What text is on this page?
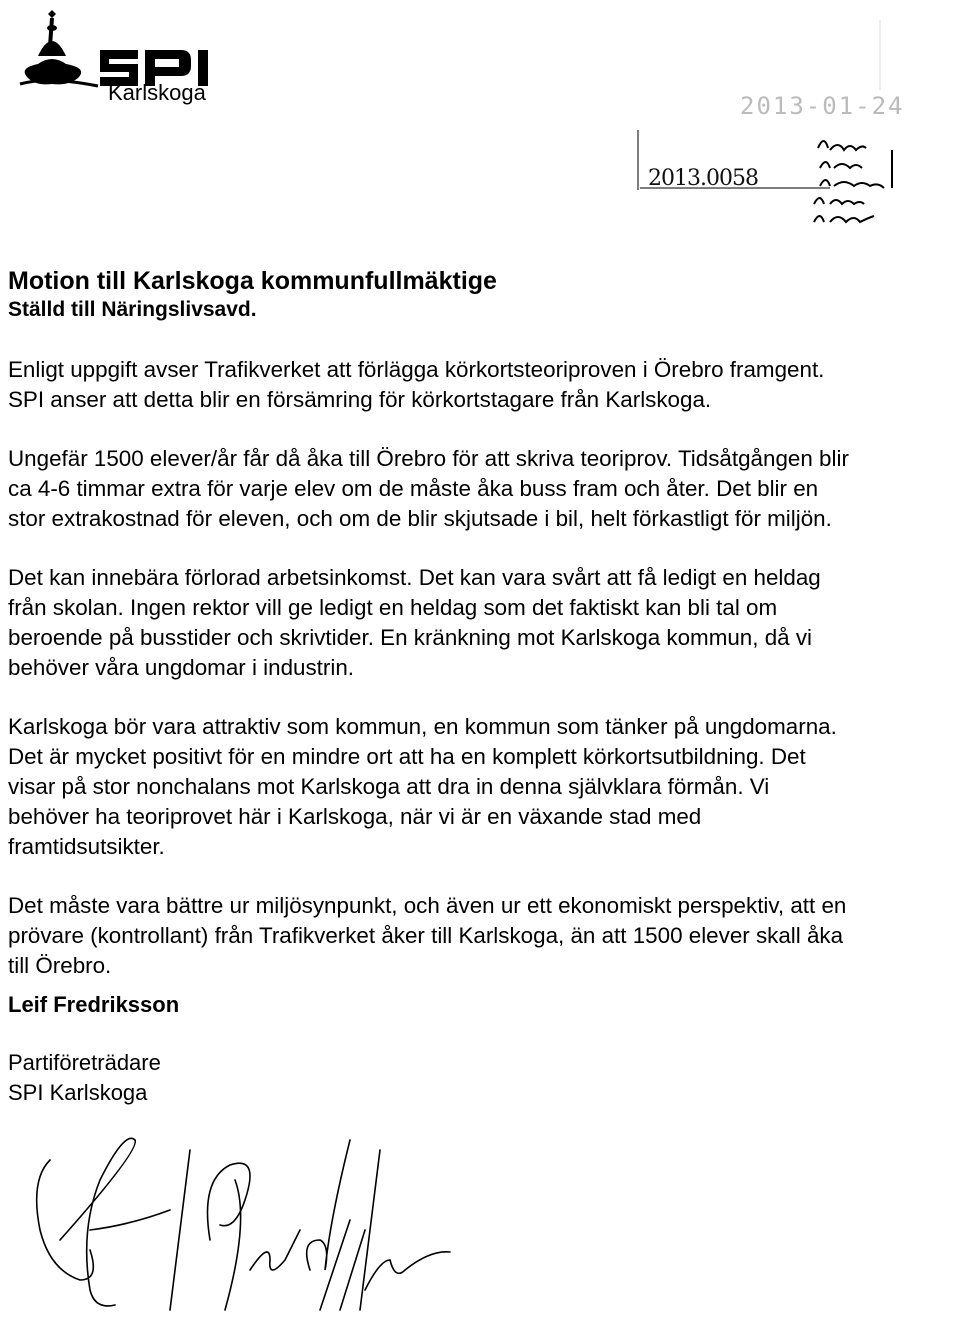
Karlskoga	2013-01-24
2013.0058
Motion till Karlskoga kommunfullmäktige
Ställd till Näringslivsavd.

Enligt uppgift avser Trafikverket att förlägga körkortsteoriproven i Örebro framgent.
SPI anser att detta blir en försämring för körkortstagare från Karlskoga.

Ungefär 1500 elever/år får då åka till Örebro för att skriva teoriprov. Tidsåtgången blir
ca 4-6 timmar extra för varje elev om de måste åka buss fram och åter. Det blir en
stor extrakostnad för eleven, och om de blir skjutsade i bil, helt förkastligt för miljön.

Det kan innebära förlorad arbetsinkomst. Det kan vara svårt att få ledigt en heldag
från skolan. Ingen rektor vill ge ledigt en heldag som det faktiskt kan bli tal om
beroende på busstider och skrivtider. En kränkning mot Karlskoga kommun, då vi
behöver våra ungdomar i industrin.

Karlskoga bör vara attraktiv som kommun, en kommun som tänker på ungdomarna.
Det är mycket positivt för en mindre ort att ha en komplett körkortsutbildning. Det
visar på stor nonchalans mot Karlskoga att dra in denna självklara förmån. Vi
behöver ha teoriprovet här i Karlskoga, när vi är en växande stad med
framtidsutsikter.

Det måste vara bättre ur miljösynpunkt, och även ur ett ekonomiskt perspektiv, att en
prövare (kontrollant) från Trafikverket åker till Karlskoga, än att 1500 elever skall åka
till Örebro.

Leif Fredriksson
Partiföreträdare
SPI Karlskoga
